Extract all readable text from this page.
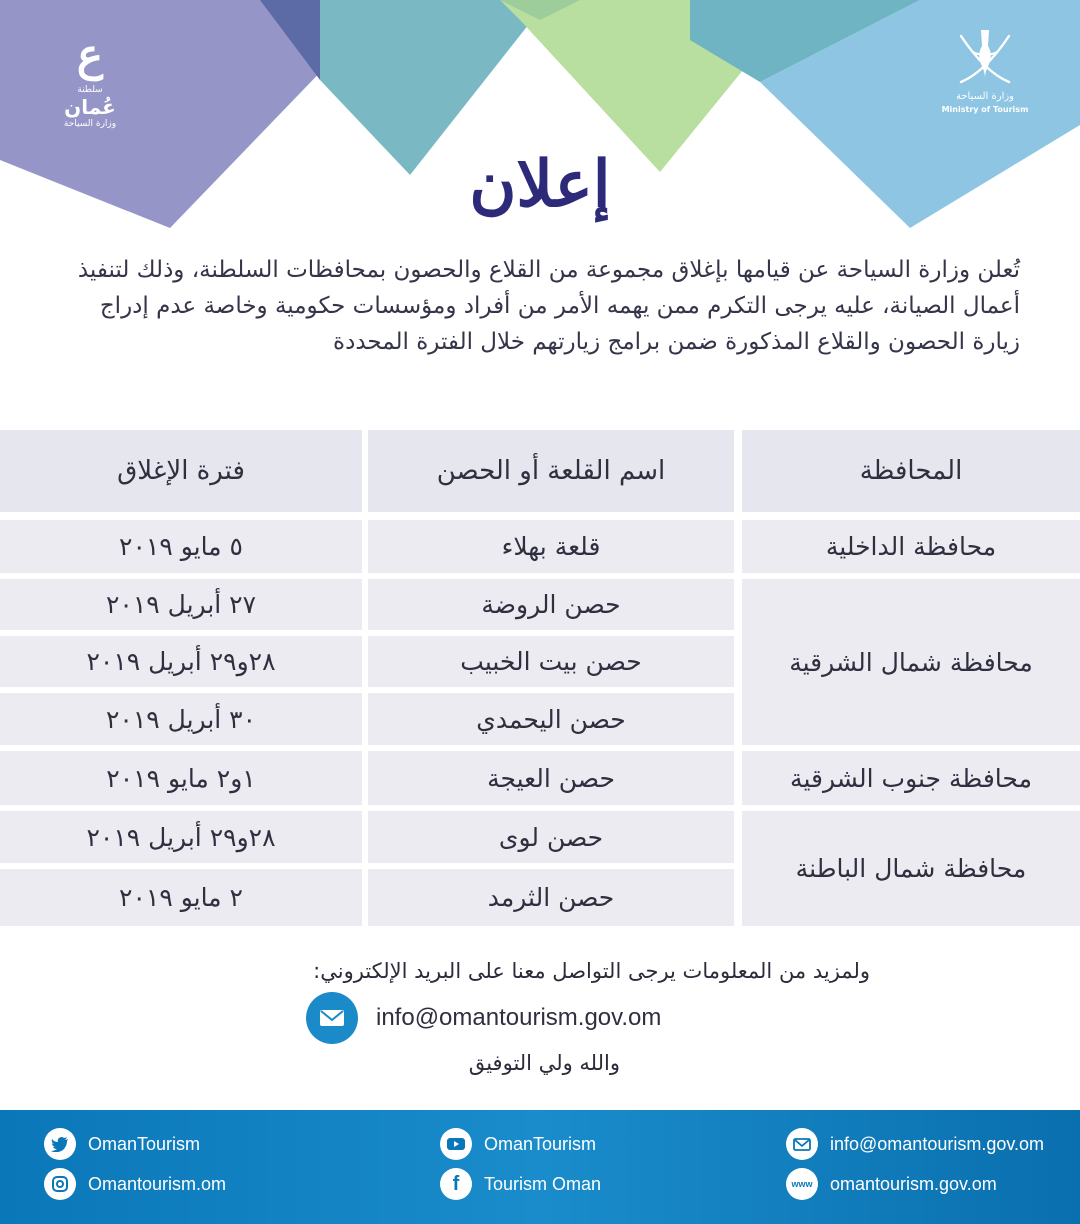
ع
سلطنة
عُمان
وزارة السياحة
وزارة السياحة
Ministry of Tourism
إعلان

تُعلن وزارة السياحة عن قيامها بإغلاق مجموعة من القلاع والحصون بمحافظات السلطنة، وذلك لتنفيذ أعمال الصيانة، عليه يرجى التكرم ممن يهمه الأمر من أفراد ومؤسسات حكومية وخاصة عدم إدراج زيارة الحصون والقلاع المذكورة ضمن برامج زيارتهم خلال الفترة المحددة

المحافظة
اسم القلعة أو الحصن
فترة الإغلاق
محافظة الداخلية
محافظة شمال الشرقية
محافظة جنوب الشرقية
محافظة شمال الباطنة
قلعة بهلاء
٥ مايو ٢٠١٩
حصن الروضة
٢٧ أبريل ٢٠١٩
حصن بيت الخبيب
٢٨و٢٩ أبريل ٢٠١٩
حصن اليحمدي
٣٠ أبريل ٢٠١٩
حصن العيجة
١و٢ مايو ٢٠١٩
حصن لوى
٢٨و٢٩ أبريل ٢٠١٩
حصن الثرمد
٢ مايو ٢٠١٩
ولمزيد من المعلومات يرجى التواصل معنا على البريد الإلكتروني:
info@omantourism.gov.om
والله ولي التوفيق
OmanTourism
Omantourism.om
OmanTourism
f	Tourism Oman
info@omantourism.gov.om
www omantourism.gov.om
